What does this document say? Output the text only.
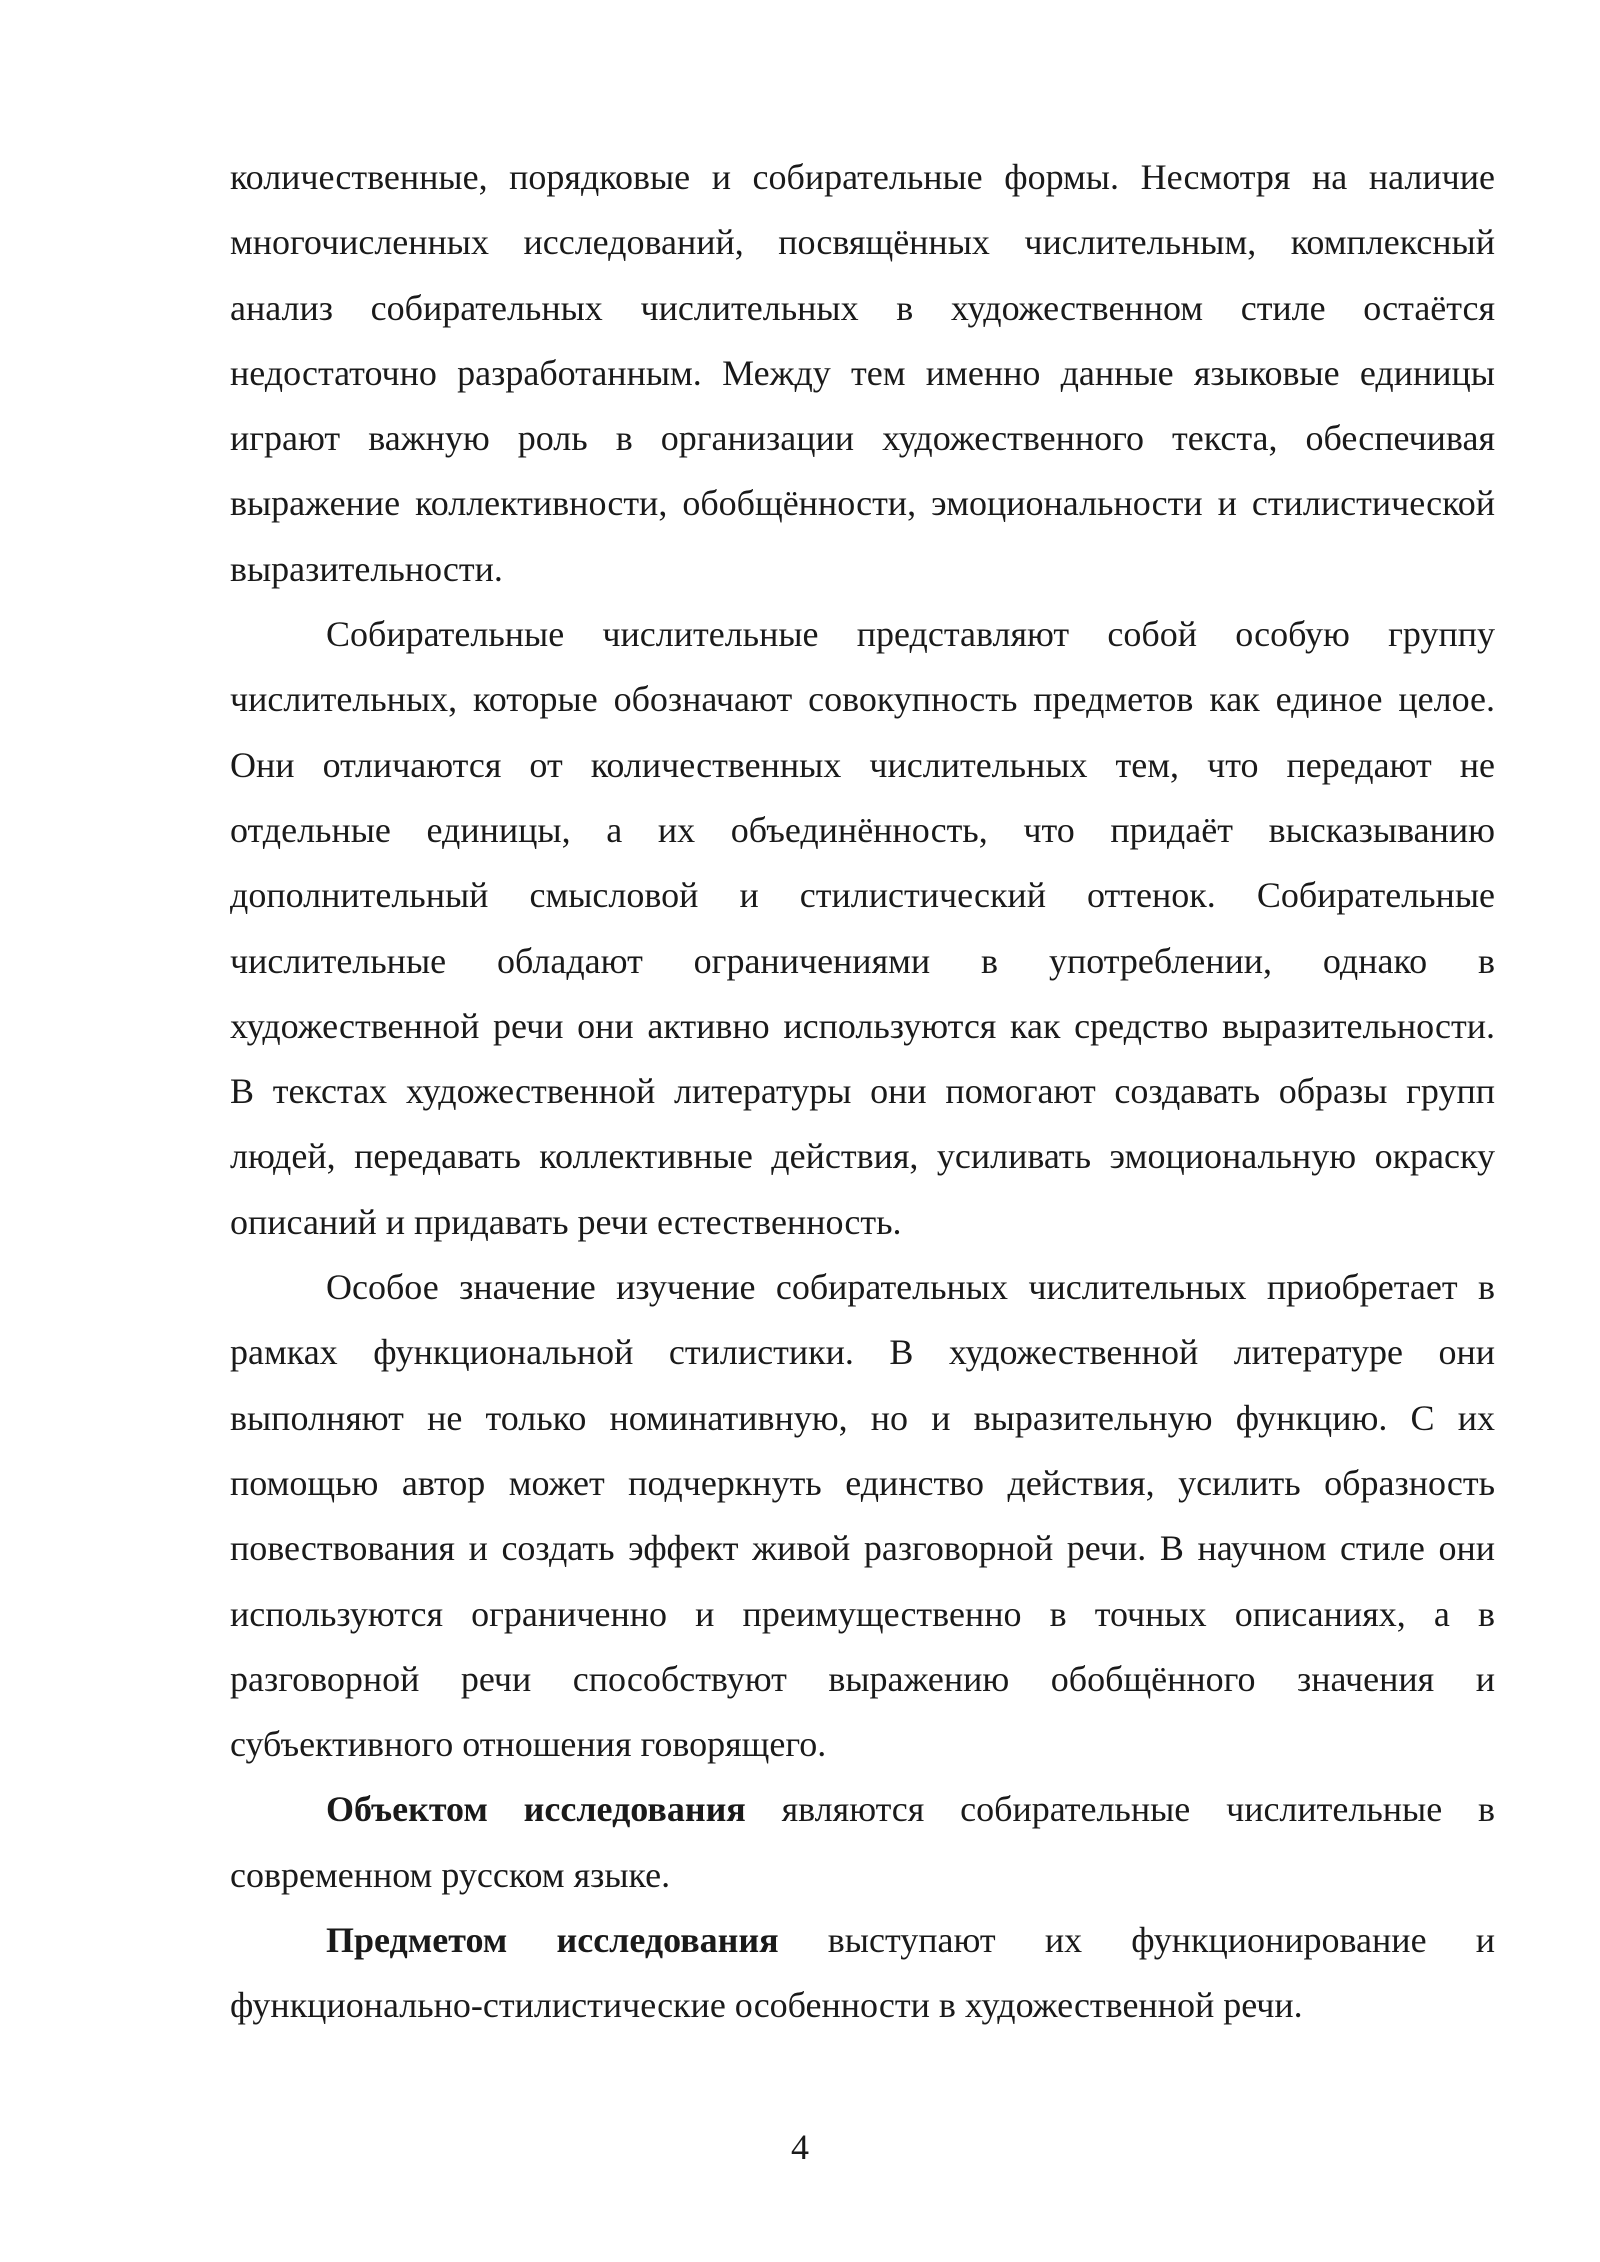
количественные, порядковые и собирательные формы. Несмотря на наличие многочисленных исследований, посвящённых числительным, комплексный анализ собирательных числительных в художественном стиле остаётся недостаточно разработанным. Между тем именно данные языковые единицы играют важную роль в организации художественного текста, обеспечивая выражение коллективности, обобщённости, эмоциональности и стилистической выразительности.

Собирательные числительные представляют собой особую группу числительных, которые обозначают совокупность предметов как единое целое. Они отличаются от количественных числительных тем, что передают не отдельные единицы, а их объединённость, что придаёт высказыванию дополнительный смысловой и стилистический оттенок. Собирательные числительные обладают ограничениями в употреблении, однако в художественной речи они активно используются как средство выразительности. В текстах художественной литературы они помогают создавать образы групп людей, передавать коллективные действия, усиливать эмоциональную окраску описаний и придавать речи естественность.

Особое значение изучение собирательных числительных приобретает в рамках функциональной стилистики. В художественной литературе они выполняют не только номинативную, но и выразительную функцию. С их помощью автор может подчеркнуть единство действия, усилить образность повествования и создать эффект живой разговорной речи. В научном стиле они используются ограниченно и преимущественно в точных описаниях, а в разговорной речи способствуют выражению обобщённого значения и субъективного отношения говорящего.

Объектом исследования являются собирательные числительные в современном русском языке.

Предметом исследования выступают их функционирование и функционально-стилистические особенности в художественной речи.

4
